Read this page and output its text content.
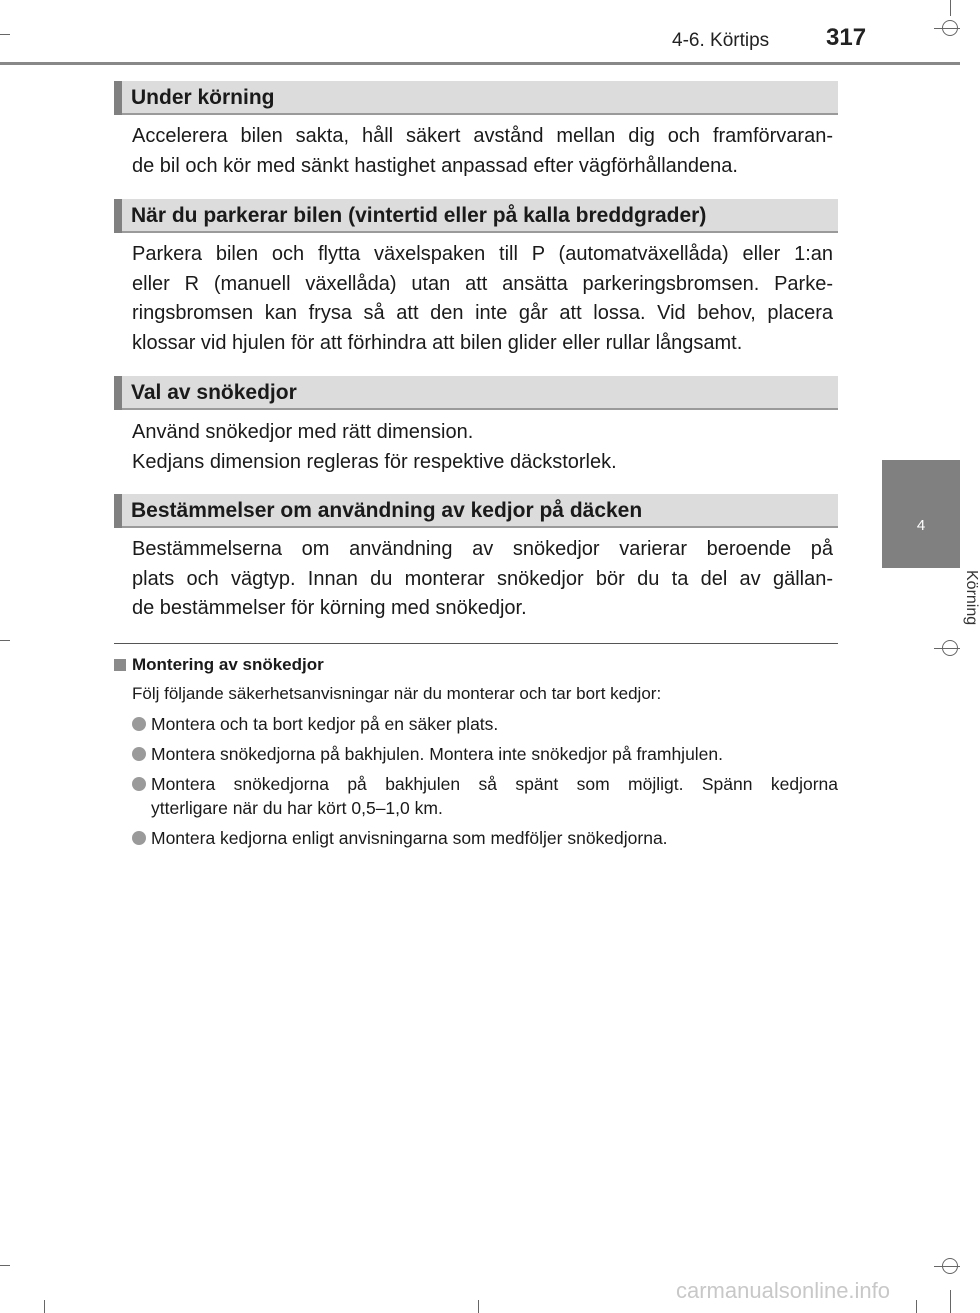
4-6. Körtips 317
4
Körning
Under körning

Accelerera bilen sakta, håll säkert avstånd mellan dig och framförvaran-
de bil och kör med sänkt hastighet anpassad efter vägförhållandena.

När du parkerar bilen (vintertid eller på kalla breddgrader)

Parkera bilen och flytta växelspaken till P (automatväxellåda) eller 1:an
eller R (manuell växellåda) utan att ansätta parkeringsbromsen. Parke-
ringsbromsen kan frysa så att den inte går att lossa. Vid behov, placera
klossar vid hjulen för att förhindra att bilen glider eller rullar långsamt.

Val av snökedjor

Använd snökedjor med rätt dimension.
Kedjans dimension regleras för respektive däckstorlek.

Bestämmelser om användning av kedjor på däcken

Bestämmelserna om användning av snökedjor varierar beroende på
plats och vägtyp. Innan du monterar snökedjor bör du ta del av gällan-
de bestämmelser för körning med snökedjor.

Montering av snökedjor
Följ följande säkerhetsanvisningar när du monterar och tar bort kedjor:
Montera och ta bort kedjor på en säker plats.
Montera snökedjorna på bakhjulen. Montera inte snökedjor på framhjulen.
Montera snökedjorna på bakhjulen så spänt som möjligt. Spänn kedjorna
ytterligare när du har kört 0,5–1,0 km.
Montera kedjorna enligt anvisningarna som medföljer snökedjorna.
carmanualsonline.info
